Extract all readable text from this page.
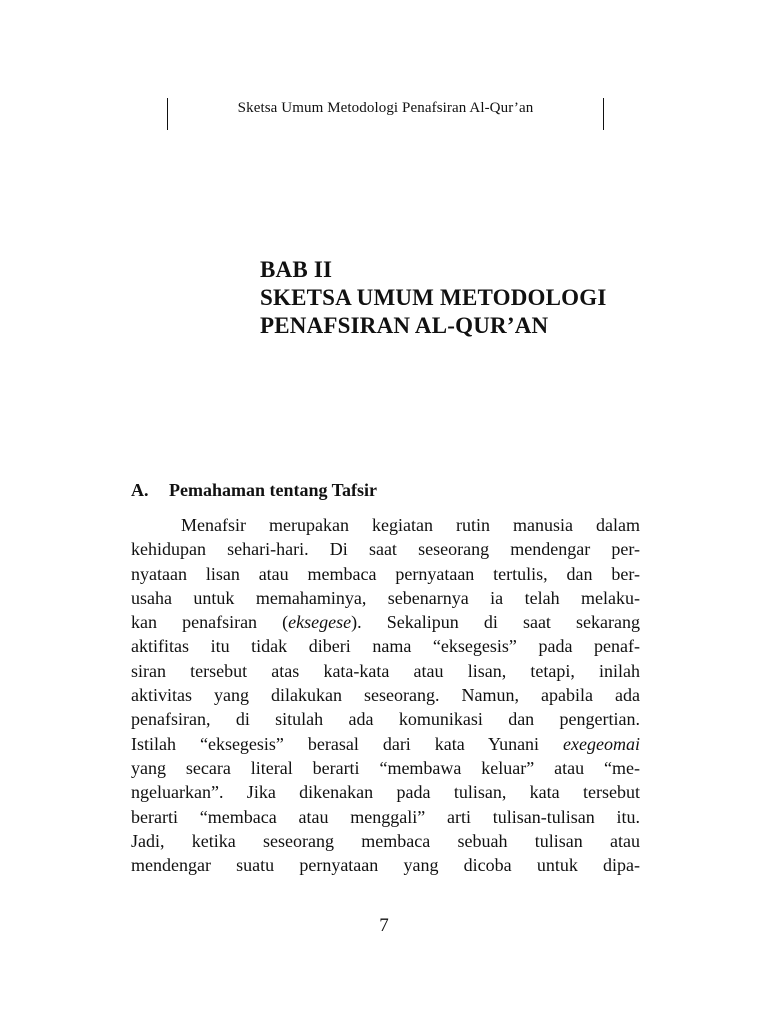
Sketsa Umum Metodologi Penafsiran Al-Qur’an
BAB II
SKETSA UMUM METODOLOGI
PENAFSIRAN AL-QUR’AN
A. Pemahaman tentang Tafsir
Menafsir merupakan kegiatan rutin manusia dalam
kehidupan sehari-hari. Di saat seseorang mendengar per-
nyataan lisan atau membaca pernyataan tertulis, dan ber-
usaha untuk memahaminya, sebenarnya ia telah melaku-
kan penafsiran (eksegese). Sekalipun di saat sekarang
aktifitas itu tidak diberi nama “eksegesis” pada penaf-
siran tersebut atas kata-kata atau lisan, tetapi, inilah
aktivitas yang dilakukan seseorang. Namun, apabila ada
penafsiran, di situlah ada komunikasi dan pengertian.
Istilah “eksegesis” berasal dari kata Yunani exegeomai
yang secara literal berarti “membawa keluar” atau “me-
ngeluarkan”. Jika dikenakan pada tulisan, kata tersebut
berarti “membaca atau menggali” arti tulisan-tulisan itu.
Jadi, ketika seseorang membaca sebuah tulisan atau
mendengar suatu pernyataan yang dicoba untuk dipa-
7
